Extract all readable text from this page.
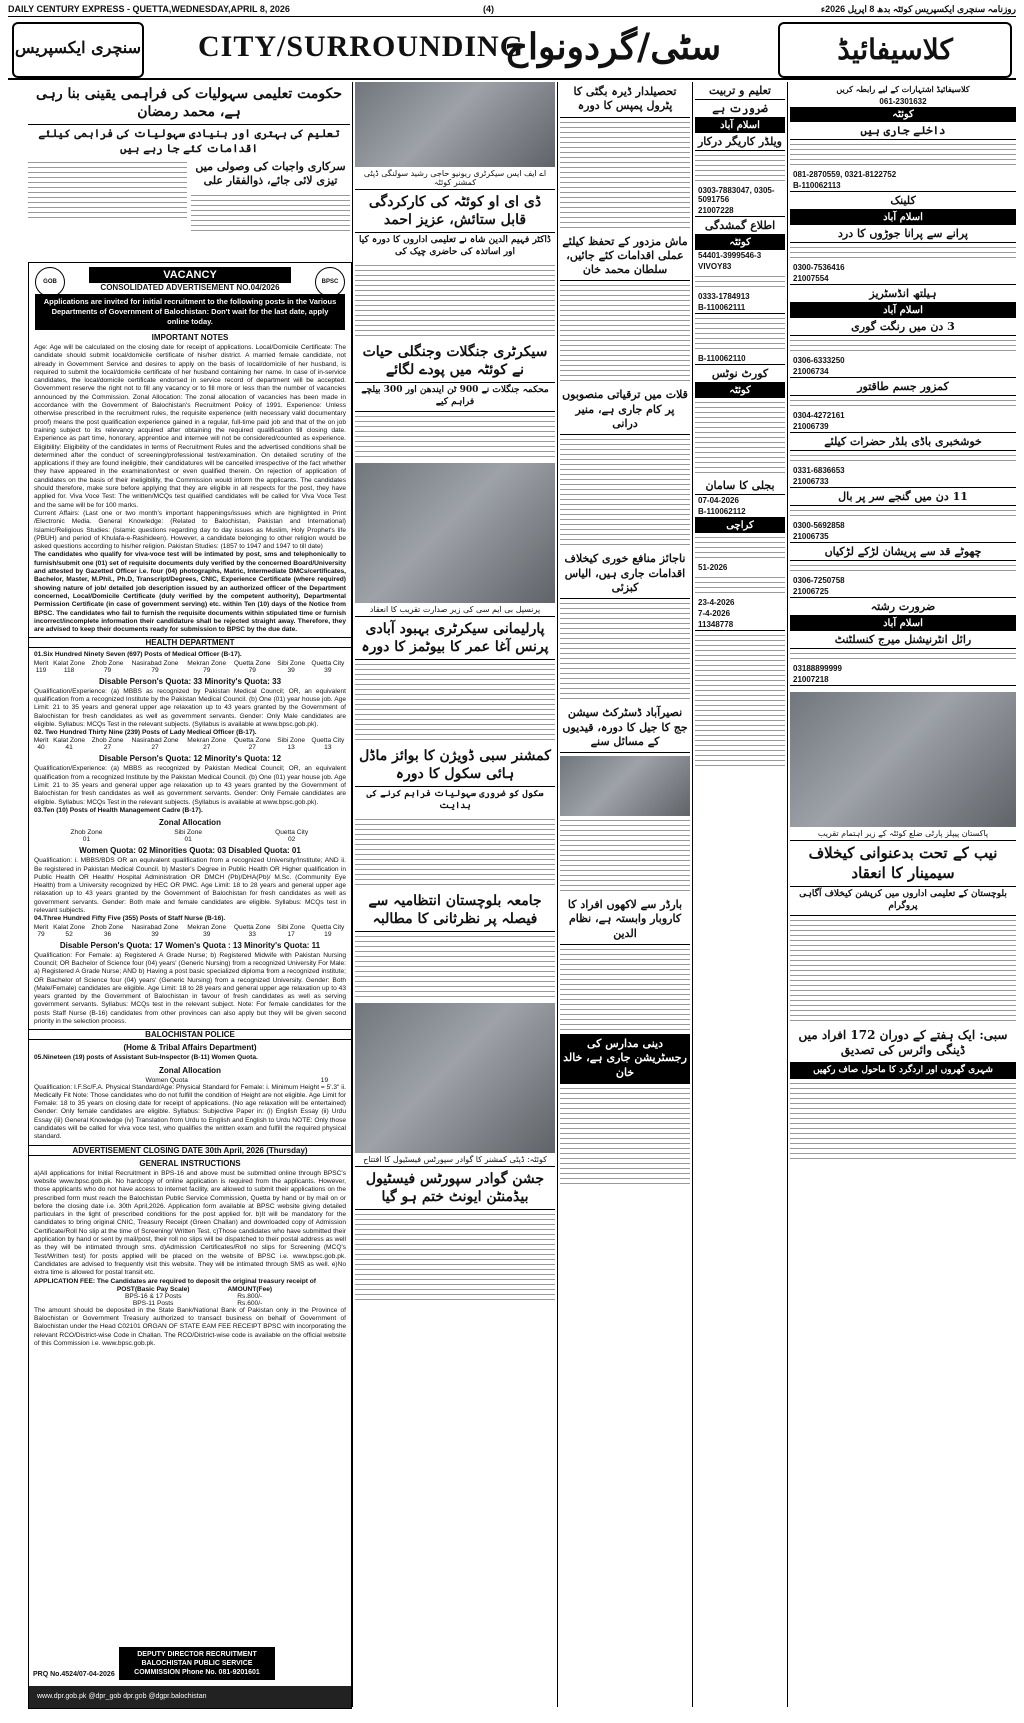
DAILY CENTURY EXPRESS - QUETTA,WEDNESDAY,APRIL 8, 2026	(4)	روزنامہ سنچری ایکسپریس کوئٹہ بدھ 8 اپریل 2026ء
سنچری ایکسپریس CITY/SURROUNDING
سٹی/گردونواح	کلاسیفائیڈ
حکومت تعلیمی سہولیات کی فراہمی یقینی بنا رہی ہے، محمد رمضان
تعلیم کی بہتری اور بنیادی سہولیات کی فراہمی کیلئے اقدامات کئے جا رہے ہیں
سرکاری واجبات کی وصولی میں تیزی لائی جائے، ذوالفقار علی
GOB	BPSC
VACANCY
CONSOLIDATED ADVERTISEMENT NO.04/2026
Applications are invited for initial recruitment to the following posts in the Various Departments of Government of Balochistan: Don't wait for the last date, apply online today.
IMPORTANT NOTES
Age: Age will be calculated on the closing date for receipt of applications. Local/Domicile Certificate: The candidate should submit local/domicile certificate of his/her district. A married female candidate, not already in Government Service and desires to apply on the basis of local/domicile of her husband, is required to submit the local/domicile certificate of her husband containing her name. In case of in-service candidates, the local/domicile certificate endorsed in service record of department will be accepted. Government reserve the right not to fill any vacancy or to fill more or less than the number of vacancies announced by the Commission. Zonal Allocation: The zonal allocation of vacancies has been made in accordance with the Government of Balochistan's Recruitment Policy of 1991. Experience: Unless otherwise prescribed in the recruitment rules, the requisite experience (with necessary valid documentary proof) means the post qualification experience gained in a regular, full-time paid job and that of the on job training subject to its relevancy acquired after obtaining the required qualification till closing date. Experience as part time, honorary, apprentice and internee will not be considered/counted as experience. Eligibility: Eligibility of the candidates in terms of Recruitment Rules and the advertised conditions shall be determined after the conduct of screening/professional test/examination. On detailed scrutiny of the applications if they are found ineligible, their candidatures will be cancelled irrespective of the fact whether they have appeared in the examination/test or even qualified therein. On rejection of application of candidates on the basis of their ineligibility, the Commission would inform the applicants. The candidates should therefore, make sure before applying that they are eligible in all respects for the post, they have applied for. Viva Voce Test: The written/MCQs test qualified candidates will be called for Viva Voce Test and the same will be for 100 marks.
Current Affairs: (Last one or two month's important happenings/issues which are highlighted in Print /Electronic Media. General Knowledge: (Related to Balochistan, Pakistan and International) Islamic/Religious Studies: (Islamic questions regarding day to day issues as Muslim, Holy Prophet's life (PBUH) and period of Khulafa-e-Rashideen). However, a candidate belonging to other religion would be asked questions according to his/her religion. Pakistan Studies: (1857 to 1947 and 1947 to till date)
The candidates who qualify for viva-voce test will be intimated by post, sms and telephonically to furnish/submit one (01) set of requisite documents duly verified by the concerned Board/University and attested by Gazetted Officer i.e. four (04) photographs, Matric, Intermediate DMCs/certificates, Bachelor, Master, M.Phil., Ph.D, Transcript/Degrees, CNIC, Experience Certificate (where required) showing nature of job/ detailed job description issued by an authorized officer of the Department concerned, Local/Domicile Certificate (duly verified by the competent authority), Departmental Permission Certificate (in case of government serving) etc. within Ten (10) days of the Notice from BPSC. The candidates who fail to furnish the requisite documents within stipulated time or furnish incorrect/incomplete information their candidature shall be rejected straight away. Therefore, they are advised to keep their documents ready for submission to BPSC by the due date.
HEALTH DEPARTMENT
01.Six Hundred Ninety Seven (697) Posts of Medical Officer (B-17).
Merit	Kalat Zone	Zhob Zone	Nasirabad Zone	Mekran Zone	Quetta Zone	Sibi Zone	Quetta City
119	118	79	79	79	79	39	39
Disable Person's Quota: 33 Minority's Quota: 33
Qualification/Experience: (a) MBBS as recognized by Pakistan Medical Council; OR, an equivalent qualification from a recognized Institute by the Pakistan Medical Council. (b) One (01) year house job. Age Limit: 21 to 35 years and general upper age relaxation up to 43 years granted by the Government of Balochistan for fresh candidates as well as government servants. Gender: Only Male candidates are eligible. Syllabus: MCQs Test in the relevant subjects. (Syllabus is available at www.bpsc.gob.pk).
02. Two Hundred Thirty Nine (239) Posts of Lady Medical Officer (B-17).
Merit	Kalat Zone	Zhob Zone	Nasirabad Zone	Mekran Zone	Quetta Zone	Sibi Zone	Quetta City
40	41	27	27	27	27	13	13
Disable Person's Quota: 12 Minority's Quota: 12
Qualification/Experience: (a) MBBS as recognized by Pakistan Medical Council; OR, an equivalent qualification from a recognized Institute by the Pakistan Medical Council. (b) One (01) year house job. Age Limit: 21 to 35 years and general upper age relaxation up to 43 years granted by the Government of Balochistan for fresh candidates as well as government servants. Gender: Only Female candidates are eligible. Syllabus: MCQs Test in the relevant subjects. (Syllabus is available at www.bpsc.gob.pk).
03.Ten (10) Posts of Health Management Cadre (B-17).
Zonal Allocation
Zhob Zone	Sibi Zone	Quetta City
01	01	02
Women Quota: 02 Minorities Quota: 03 Disabled Quota: 01
Qualification: i. MBBS/BDS OR an equivalent qualification from a recognized University/Institute; AND ii. Be registered in Pakistan Medical Council. b) Master's Degree in Public Health OR Higher qualification in Public Health OR Health/ Hospital Administration OR DMCH (Pb)/DHA(Pb)/ M.Sc. (Community Eye Health) from a University recognized by HEC OR PMC. Age Limit: 18 to 28 years and general upper age relaxation up to 43 years granted by the Government of Balochistan for fresh candidates as well as government servants. Gender: Both male and female candidates are eligible. Syllabus: MCQs test in relevant subjects.
04.Three Hundred Fifty Five (355) Posts of Staff Nurse (B-16).
Merit	Kalat Zone	Zhob Zone	Nasirabad Zone	Mekran Zone	Quetta Zone	Sibi Zone	Quetta City
79	52	36	39	39	33	17	19
Disable Person's Quota: 17 Women's Quota : 13 Minority's Quota: 11
Qualification: For Female: a) Registered A Grade Nurse; b) Registered Midwife with Pakistan Nursing Council; OR Bachelor of Science four (04) years' (Generic Nursing) from a recognized University For Male: a) Registered A Grade Nurse; AND b) Having a post basic specialized diploma from a recognized institute; OR Bachelor of Science four (04) years' (Generic Nursing) from a recognized University. Gender: Both (Male/Female) candidates are eligible. Age Limit: 18 to 28 years and general upper age relaxation up to 43 years granted by the Government of Balochistan in favour of fresh candidates as well as serving government servants. Syllabus: MCQs test in the relevant subject. Note: For female candidates for the posts Staff Nurse (B-16) candidates from other provinces can also apply but they will be given second priority in the selection process.
BALOCHISTAN POLICE
(Home & Tribal Affairs Department)
05.Nineteen (19) posts of Assistant Sub-Inspector (B-11) Women Quota.
Zonal Allocation
Women Quota	19
Qualification: I.F.Sc/F.A. Physical Standard/Age: Physical Standard for Female: i. Minimum Height = 5'.3" ii. Medically Fit Note: Those candidates who do not fulfill the condition of Height are not eligible. Age Limit for Female: 18 to 35 years on closing date for receipt of applications. (No age relaxation will be entertained) Gender: Only female candidates are eligible. Syllabus: Subjective Paper in: (i) English Essay (ii) Urdu Essay (iii) General Knowledge (iv) Translation from Urdu to English and English to Urdu NOTE: Only those candidates will be called for viva voce test, who qualifies the written exam and fulfill the required physical standard.
ADVERTISEMENT CLOSING DATE 30th April, 2026 (Thursday)
GENERAL INSTRUCTIONS
a)All applications for Initial Recruitment in BPS-16 and above must be submitted online through BPSC's website www.bpsc.gob.pk. No hardcopy of online application is required from the applicants. However, those applicants who do not have access to internet facility, are allowed to submit their applications on the prescribed form must reach the Balochistan Public Service Commission, Quetta by hand or by mail on or before the closing date i.e. 30th April,2026. Application form available at BPSC website giving detailed particulars in the light of prescribed conditions for the post applied for. b)It will be mandatory for the candidates to bring original CNIC, Treasury Receipt (Green Challan) and downloaded copy of Admission Certificate/Roll No slip at the time of Screening/ Written Test. c)Those candidates who have submitted their application by hand or sent by mail/post, their roll no slips will be dispatched to their postal address as well as they will be intimated through sms. d)Admission Certificates/Roll no slips for Screening (MCQ's Test/Written test) for posts applied will be placed on the website of BPSC i.e. www.bpsc.gob.pk. Candidates are advised to frequently visit this website. They will be intimated through SMS as well. e)No extra time is allowed for postal transit etc.
APPLICATION FEE: The Candidates are required to deposit the original treasury receipt of
POST(Basic Pay Scale)	AMOUNT(Fee)
BPS-16 & 17 Posts	Rs.800/-
BPS-11 Posts	Rs.600/-
The amount should be deposited in the State Bank/National Bank of Pakistan only in the Province of Balochistan or Government Treasury authorized to transact business on behalf of Government of Balochistan under the Head C02101 ORGAN OF STATE EAM FEE RECEIPT BPSC with incorporating the relevant RCO/District-wise Code in Challan. The RCO/District-wise code is available on the official website of this Commission i.e. www.bpsc.gob.pk.
PRQ No.4524/07-04-2026
DEPUTY DIRECTOR RECRUITMENT BALOCHISTAN PUBLIC SERVICE COMMISSION Phone No. 081-9201601
www.dpr.gob.pk @dpr_gob dpr.gob @dgpr.balochistan
اے ایف ایس سیکرٹری ریونیو حاجی رشید سولنگی ڈپٹی کمشنر کوئٹہ
ڈی ای او کوئٹہ کی کارکردگی قابل ستائش، عزیز احمد
ڈاکٹر فہیم الدین شاہ نے تعلیمی اداروں کا دورہ کیا اور اساتذہ کی حاضری چیک کی
سیکرٹری جنگلات وجنگلی حیات نے کوئٹہ میں پودے لگائے
محکمہ جنگلات نے 900 ٹن ایندھن اور 300 بیلچے فراہم کیے
پرنسپل بی ایم سی کی زیر صدارت تقریب کا انعقاد
پارلیمانی سیکرٹری بہبود آبادی پرنس آغا عمر کا بیوٹمز کا دورہ
کمشنر سبی ڈویژن کا بوائز ماڈل ہائی سکول کا دورہ
سکول کو ضروری سہولیات فراہم کرنے کی ہدایت
جامعہ بلوچستان انتظامیہ سے فیصلہ پر نظرثانی کا مطالبہ
کوئٹہ: ڈپٹی کمشنر کا گوادر سپورٹس فیسٹیول کا افتتاح
جشن گوادر سپورٹس فیسٹیول بیڈمنٹن ایونٹ ختم ہو گیا
تحصیلدار ڈیرہ بگٹی کا پٹرول پمپس کا دورہ
ماش مزدور کے تحفظ کیلئے عملی اقدامات کئے جائیں، سلطان محمد خان
قلات میں ترقیاتی منصوبوں پر کام جاری ہے، منیر درانی
ناجائز منافع خوری کیخلاف اقدامات جاری ہیں، الیاس کبزئی
نصیرآباد ڈسٹرکٹ سیشن جج کا جیل کا دورہ، قیدیوں کے مسائل سنے
بارڈر سے لاکھوں افراد کا کاروبار وابستہ ہے، نظام الدین
دینی مدارس کی رجسٹریشن جاری ہے، خالد خان
تعلیم و تربیت
ضرورت ہے
اسلام آباد
ویلڈر کاریگر درکار
0303-7883047, 0305-5091756
21007228
اطلاع گمشدگی
کوئٹہ
54401-3999546-3
VIVOY83
0333-1784913
B-110062111
B-110062110
کورٹ نوٹس
کوئٹہ
بجلی کا سامان
07-04-2026
B-110062112
کراچی
51-2026
23-4-2026
7-4-2026
11348778
کلاسیفائیڈ اشتہارات کے لیے رابطہ کریں
061-2301632
کوئٹہ
داخلے جاری ہیں
081-2870559, 0321-8122752
B-110062113
کلینک
اسلام آباد
پرانے سے پرانا جوڑوں کا درد
0300-7536416
21007554
ہیلتھ انڈسٹریز
اسلام آباد
3 دن میں رنگت گوری
0306-6333250
21006734
کمزور جسم طاقتور
0304-4272161
21006739
خوشخبری باڈی بلڈر حضرات کیلئے
0331-6836653
21006733
11 دن میں گنجے سر پر بال
0300-5692858
21006735
چھوٹے قد سے پریشان لڑکے لڑکیاں
0306-7250758
21006725
ضرورت رشتہ
اسلام آباد
رائل انٹرنیشنل میرج کنسلٹنٹ
03188899999
21007218
پاکستان پیپلز پارٹی ضلع کوئٹہ کے زیر اہتمام تقریب
نیب کے تحت بدعنوانی کیخلاف سیمینار کا انعقاد
بلوچستان کے تعلیمی اداروں میں کرپشن کیخلاف آگاہی پروگرام
سبی: ایک ہفتے کے دوران 172 افراد میں ڈینگی وائرس کی تصدیق
شہری گھروں اور اردگرد کا ماحول صاف رکھیں
